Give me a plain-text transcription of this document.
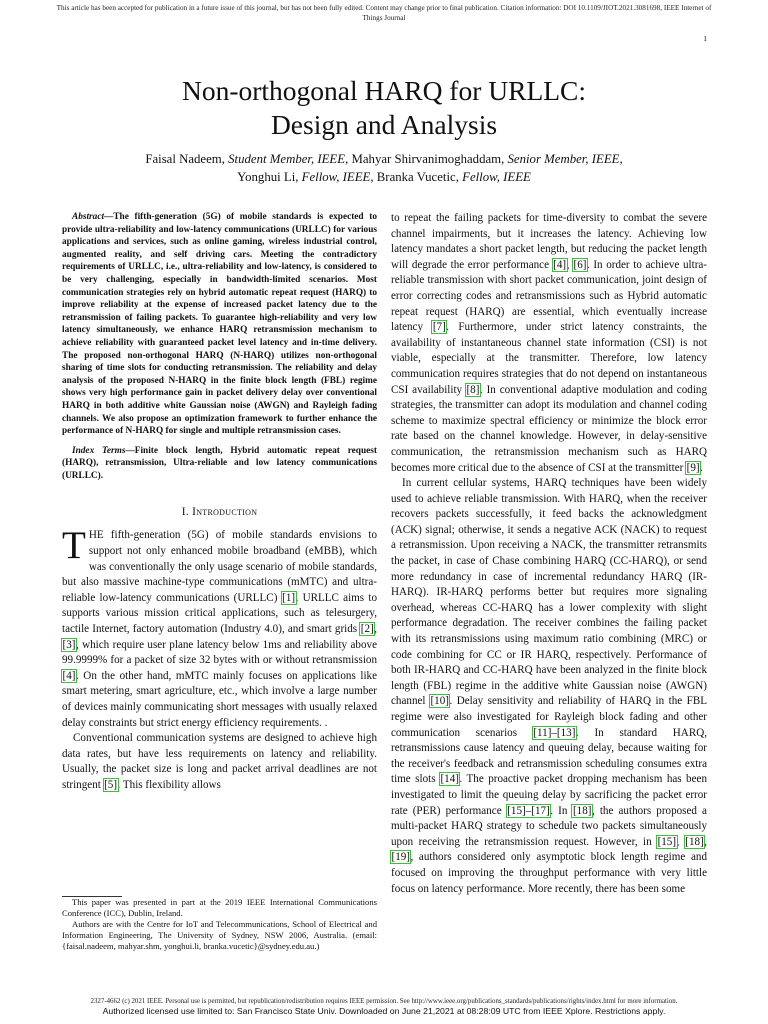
This article has been accepted for publication in a future issue of this journal, but has not been fully edited. Content may change prior to final publication. Citation information: DOI 10.1109/JIOT.2021.3081698, IEEE Internet of
Things Journal
1
Non-orthogonal HARQ for URLLC:
Design and Analysis
Faisal Nadeem, Student Member, IEEE, Mahyar Shirvanimoghaddam, Senior Member, IEEE,
Yonghui Li, Fellow, IEEE, Branka Vucetic, Fellow, IEEE

Abstract—The fifth-generation (5G) of mobile standards is expected to provide ultra-reliability and low-latency communications (URLLC) for various applications and services, such as online gaming, wireless industrial control, augmented reality, and self driving cars. Meeting the contradictory requirements of URLLC, i.e., ultra-reliability and low-latency, is considered to be very challenging, especially in bandwidth-limited scenarios. Most communication strategies rely on hybrid automatic repeat request (HARQ) to improve reliability at the expense of increased packet latency due to the retransmission of failing packets. To guarantee high-reliability and very low latency simultaneously, we enhance HARQ retransmission mechanism to achieve reliability with guaranteed packet level latency and in-time delivery. The proposed non-orthogonal HARQ (N-HARQ) utilizes non-orthogonal sharing of time slots for conducting retransmission. The reliability and delay analysis of the proposed N-HARQ in the finite block length (FBL) regime shows very high performance gain in packet delivery delay over conventional HARQ in both additive white Gaussian noise (AWGN) and Rayleigh fading channels. We also propose an optimization framework to further enhance the performance of N-HARQ for single and multiple retransmission cases.

Index Terms—Finite block length, Hybrid automatic repeat request (HARQ), retransmission, Ultra-reliable and low latency communications (URLLC).

I. Introduction

THE fifth-generation (5G) of mobile standards envisions to support not only enhanced mobile broadband (eMBB), which was conventionally the only usage scenario of mobile standards, but also massive machine-type communications (mMTC) and ultra-reliable low-latency communications (URLLC) [1]. URLLC aims to supports various mission critical applications, such as telesurgery, tactile Internet, factory automation (Industry 4.0), and smart grids [2], [3], which require user plane latency below 1ms and reliability above 99.9999% for a packet of size 32 bytes with or without retransmission [4]. On the other hand, mMTC mainly focuses on applications like smart metering, smart agriculture, etc., which involve a large number of devices mainly communicating short messages with usually relaxed delay constraints but strict energy efficiency requirements. .

Conventional communication systems are designed to achieve high data rates, but have less requirements on latency and reliability. Usually, the packet size is long and packet arrival deadlines are not stringent [5]. This flexibility allows

This paper was presented in part at the 2019 IEEE International Communications Conference (ICC), Dublin, Ireland.

Authors are with the Centre for IoT and Telecommunications, School of Electrical and Information Engineering, The University of Sydney, NSW 2006, Australia. (email: {faisal.nadeem, mahyar.shm, yonghui.li, branka.vucetic}@sydney.edu.au.)

to repeat the failing packets for time-diversity to combat the severe channel impairments, but it increases the latency. Achieving low latency mandates a short packet length, but reducing the packet length will degrade the error performance [4], [6]. In order to achieve ultra-reliable transmission with short packet communication, joint design of error correcting codes and retransmissions such as Hybrid automatic repeat request (HARQ) are essential, which eventually increase latency [7]. Furthermore, under strict latency constraints, the availability of instantaneous channel state information (CSI) is not viable, especially at the transmitter. Therefore, low latency communication requires strategies that do not depend on instantaneous CSI availability [8]. In conventional adaptive modulation and coding strategies, the transmitter can adopt its modulation and channel coding scheme to maximize spectral efficiency or minimize the block error rate based on the channel knowledge. However, in delay-sensitive communication, the retransmission mechanism such as HARQ becomes more critical due to the absence of CSI at the transmitter [9].

In current cellular systems, HARQ techniques have been widely used to achieve reliable transmission. With HARQ, when the receiver recovers packets successfully, it feed backs the acknowledgment (ACK) signal; otherwise, it sends a negative ACK (NACK) to request a retransmission. Upon receiving a NACK, the transmitter retransmits the packet, in case of Chase combining HARQ (CC-HARQ), or send more redundancy in case of incremental redundancy HARQ (IR-HARQ). IR-HARQ performs better but requires more signaling overhead, whereas CC-HARQ has a lower complexity with slight performance degradation. The receiver combines the failing packet with its retransmissions using maximum ratio combining (MRC) or code combining for CC or IR HARQ, respectively. Performance of both IR-HARQ and CC-HARQ have been analyzed in the finite block length (FBL) regime in the additive white Gaussian noise (AWGN) channel [10]. Delay sensitivity and reliability of HARQ in the FBL regime were also investigated for Rayleigh block fading and other communication scenarios [11]–[13]. In standard HARQ, retransmissions cause latency and queuing delay, because waiting for the receiver's feedback and retransmission scheduling consumes extra time slots [14]. The proactive packet dropping mechanism has been investigated to limit the queuing delay by sacrificing the packet error rate (PER) performance [15]–[17]. In [18], the authors proposed a multi-packet HARQ strategy to schedule two packets simultaneously upon receiving the retransmission request. However, in [15], [18], [19], authors considered only asymptotic block length regime and focused on improving the throughput performance with very little focus on latency performance. More recently, there has been some

2327-4662 (c) 2021 IEEE. Personal use is permitted, but republication/redistribution requires IEEE permission. See http://www.ieee.org/publications_standards/publications/rights/index.html for more information.
Authorized licensed use limited to: San Francisco State Univ. Downloaded on June 21,2021 at 08:28:09 UTC from IEEE Xplore. Restrictions apply.
